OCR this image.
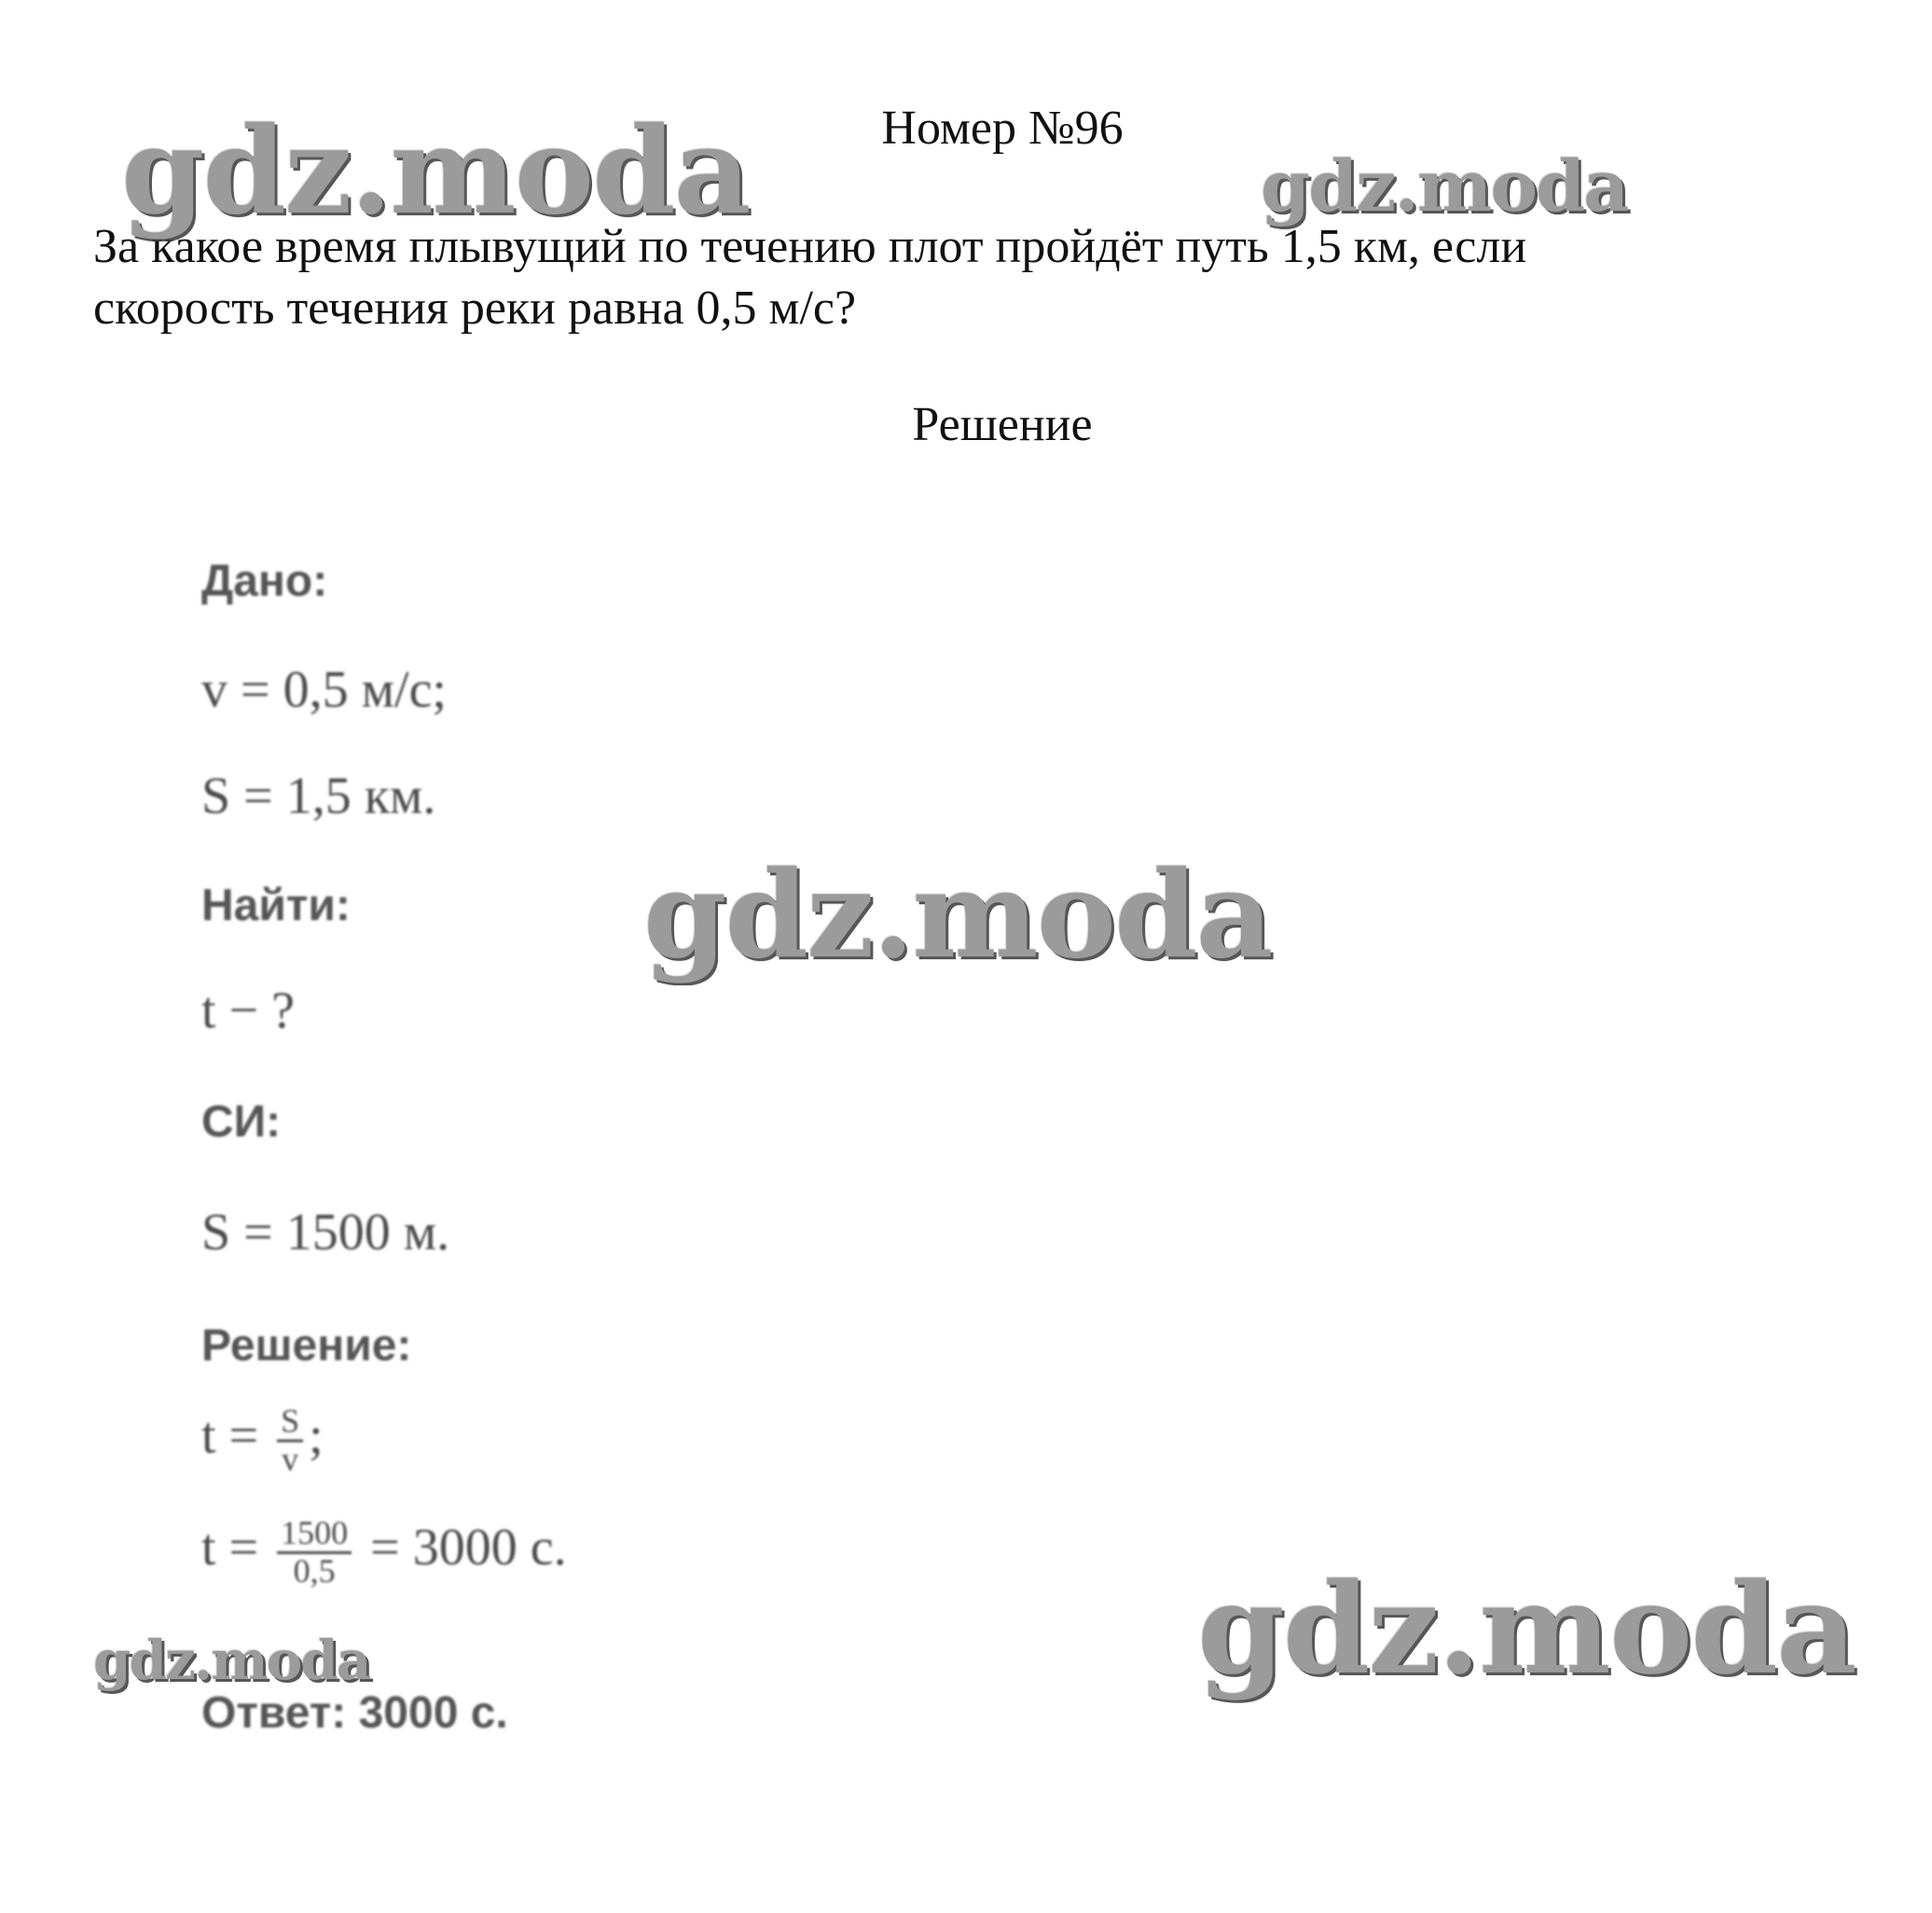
Номер №96
За какое время плывущий по течению плот пройдёт путь 1,5 км, если
скорость течения реки равна 0,5 м/с?
Решение
Дано:
v = 0,5 м/с;
S = 1,5 км.
Найти:
t − ?
СИ:
S = 1500 м.
Решение:
$t = \frac{S}{v}$ ;
$t = \frac{1500}{0,5} = 3000$ с.
Ответ: 3000 с.
gdz.moda	gdz.moda
gdz.moda
gdz.moda
gdz.moda
